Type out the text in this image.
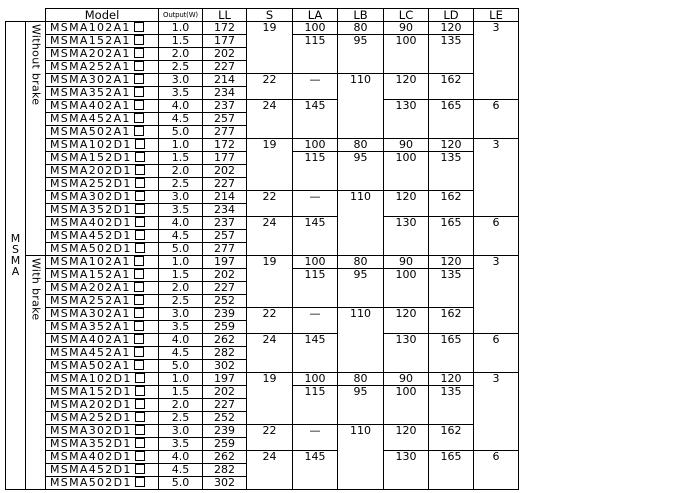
		Model	Output(W)	LL	S	LA	LB	LC	LD	LE
MSMA	Without brake	MSMA102A1	1.0	172	19	100	80	90	120	3
		MSMA152A1	1.5	177		115	95	100	135	
		MSMA202A1	2.0	202						
		MSMA252A1	2.5	227						
		MSMA302A1	3.0	214	22	—	110	120	162	
		MSMA352A1	3.5	234						
		MSMA402A1	4.0	237	24	145		130	165	6
		MSMA452A1	4.5	257						
		MSMA502A1	5.0	277						
		MSMA102D1	1.0	172	19	100	80	90	120	3
		MSMA152D1	1.5	177		115	95	100	135	
		MSMA202D1	2.0	202						
		MSMA252D1	2.5	227						
		MSMA302D1	3.0	214	22	—	110	120	162	
		MSMA352D1	3.5	234						
		MSMA402D1	4.0	237	24	145		130	165	6
		MSMA452D1	4.5	257						
		MSMA502D1	5.0	277						
	With brake	MSMA102A1	1.0	197	19	100	80	90	120	3
		MSMA152A1	1.5	202		115	95	100	135	
		MSMA202A1	2.0	227						
		MSMA252A1	2.5	252						
		MSMA302A1	3.0	239	22	—	110	120	162	
		MSMA352A1	3.5	259						
		MSMA402A1	4.0	262	24	145		130	165	6
		MSMA452A1	4.5	282						
		MSMA502A1	5.0	302						
		MSMA102D1	1.0	197	19	100	80	90	120	3
		MSMA152D1	1.5	202		115	95	100	135	
		MSMA202D1	2.0	227						
		MSMA252D1	2.5	252						
		MSMA302D1	3.0	239	22	—	110	120	162	
		MSMA352D1	3.5	259						
		MSMA402D1	4.0	262	24	145		130	165	6
		MSMA452D1	4.5	282						
		MSMA502D1	5.0	302						
